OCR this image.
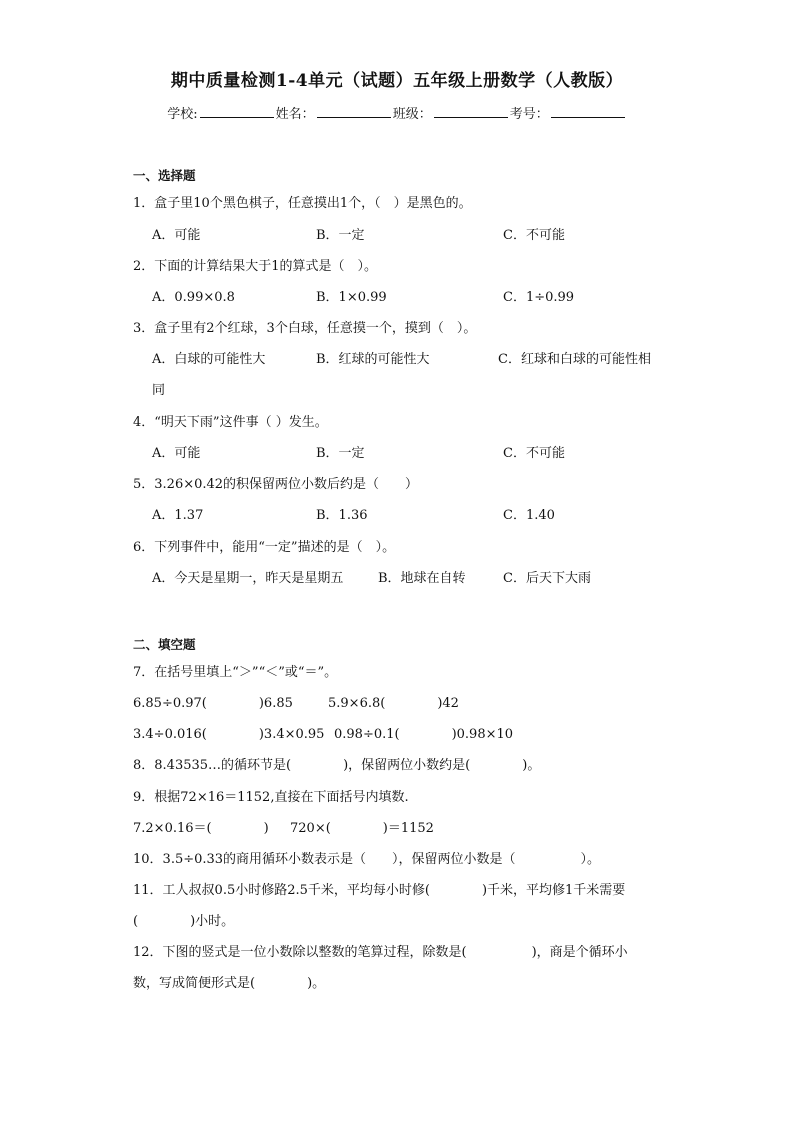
期中质量检测1-4单元（试题）五年级上册数学（人教版）
学校:	姓名：	班级：	考号：
一、选择题
1．盒子里10个黑色棋子，任意摸出1个，（　）是黑色的。
A．可能	B．一定	C．不可能
2．下面的计算结果大于1的算式是（　）。
A．0.99×0.8	B．1×0.99	C．1÷0.99
3．盒子里有2个红球，3个白球，任意摸一个，摸到（　）。
A．白球的可能性大	B．红球的可能性大	C．红球和白球的可能性相
同
4．“明天下雨”这件事（ ）发生。
A．可能	B．一定	C．不可能
5．3.26×0.42的积保留两位小数后约是（　　）
A．1.37	B．1.36	C．1.40
6．下列事件中，能用“一定”描述的是（　）。
A．今天是星期一，昨天是星期五	B．地球在自转	C．后天下大雨
二、填空题
7．在括号里填上“＞”“＜”或“＝”。
6.85÷0.97(　　　　)6.85	5.9×6.8(　　　　)42
3.4÷0.016(　　　　)3.4×0.95 0.98÷0.1(　　　　)0.98×10
8．8.43535…的循环节是(　　　　)，保留两位小数约是(　　　　)。
9．根据72×16＝1152,直接在下面括号内填数.
7.2×0.16＝(　　　　) 720×(　　　　)＝1152
10．3.5÷0.33的商用循环小数表示是（　　），保留两位小数是（　　　　　）。
11．工人叔叔0.5小时修路2.5千米，平均每小时修(　　　　)千米，平均修1千米需要
(　　　　)小时。
12．下图的竖式是一位小数除以整数的笔算过程，除数是(　　　　　)，商是个循环小
数，写成简便形式是(　　　　)。
